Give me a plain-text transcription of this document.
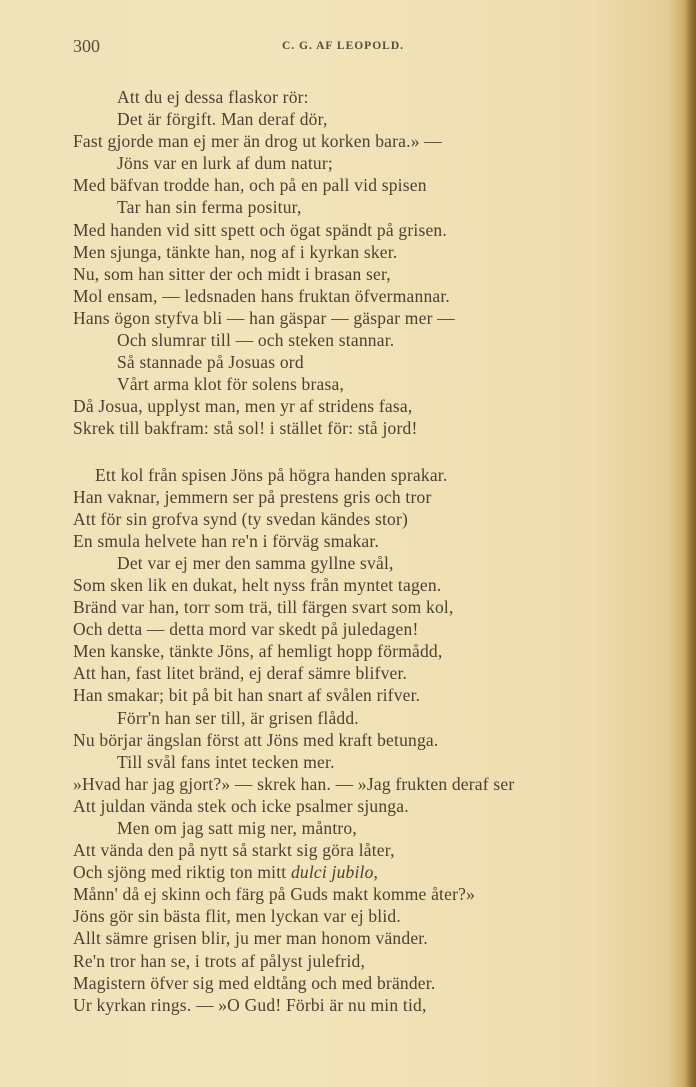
300	C. G. AF LEOPOLD.
Att du ej dessa flaskor rör:
Det är förgift. Man deraf dör,
Fast gjorde man ej mer än drog ut korken bara.» —
Jöns var en lurk af dum natur;
Med bäfvan trodde han, och på en pall vid spisen
Tar han sin ferma positur,
Med handen vid sitt spett och ögat spändt på grisen.
Men sjunga, tänkte han, nog af i kyrkan sker.
Nu, som han sitter der och midt i brasan ser,
Mol ensam, — ledsnaden hans fruktan öfvermannar.
Hans ögon styfva bli — han gäspar — gäspar mer —
Och slumrar till — och steken stannar.
Så stannade på Josuas ord
Vårt arma klot för solens brasa,
Då Josua, upplyst man, men yr af stridens fasa,
Skrek till bakfram: stå sol! i stället för: stå jord!
Ett kol från spisen Jöns på högra handen sprakar.
Han vaknar, jemmern ser på prestens gris och tror
Att för sin grofva synd (ty svedan kändes stor)
En smula helvete han re'n i förväg smakar.
Det var ej mer den samma gyllne svål,
Som sken lik en dukat, helt nyss från myntet tagen.
Bränd var han, torr som trä, till färgen svart som kol,
Och detta — detta mord var skedt på juledagen!
Men kanske, tänkte Jöns, af hemligt hopp förmådd,
Att han, fast litet bränd, ej deraf sämre blifver.
Han smakar; bit på bit han snart af svålen rifver.
Förr'n han ser till, är grisen flådd.
Nu börjar ängslan först att Jöns med kraft betunga.
Till svål fans intet tecken mer.
»Hvad har jag gjort?» — skrek han. — »Jag frukten deraf ser
Att juldan vända stek och icke psalmer sjunga.
Men om jag satt mig ner, måntro,
Att vända den på nytt så starkt sig göra låter,
Och sjöng med riktig ton mitt dulci jubilo,
Månn' då ej skinn och färg på Guds makt komme åter?»
Jöns gör sin bästa flit, men lyckan var ej blid.
Allt sämre grisen blir, ju mer man honom vänder.
Re'n tror han se, i trots af pålyst julefrid,
Magistern öfver sig med eldtång och med bränder.
Ur kyrkan rings. — »O Gud! Förbi är nu min tid,
